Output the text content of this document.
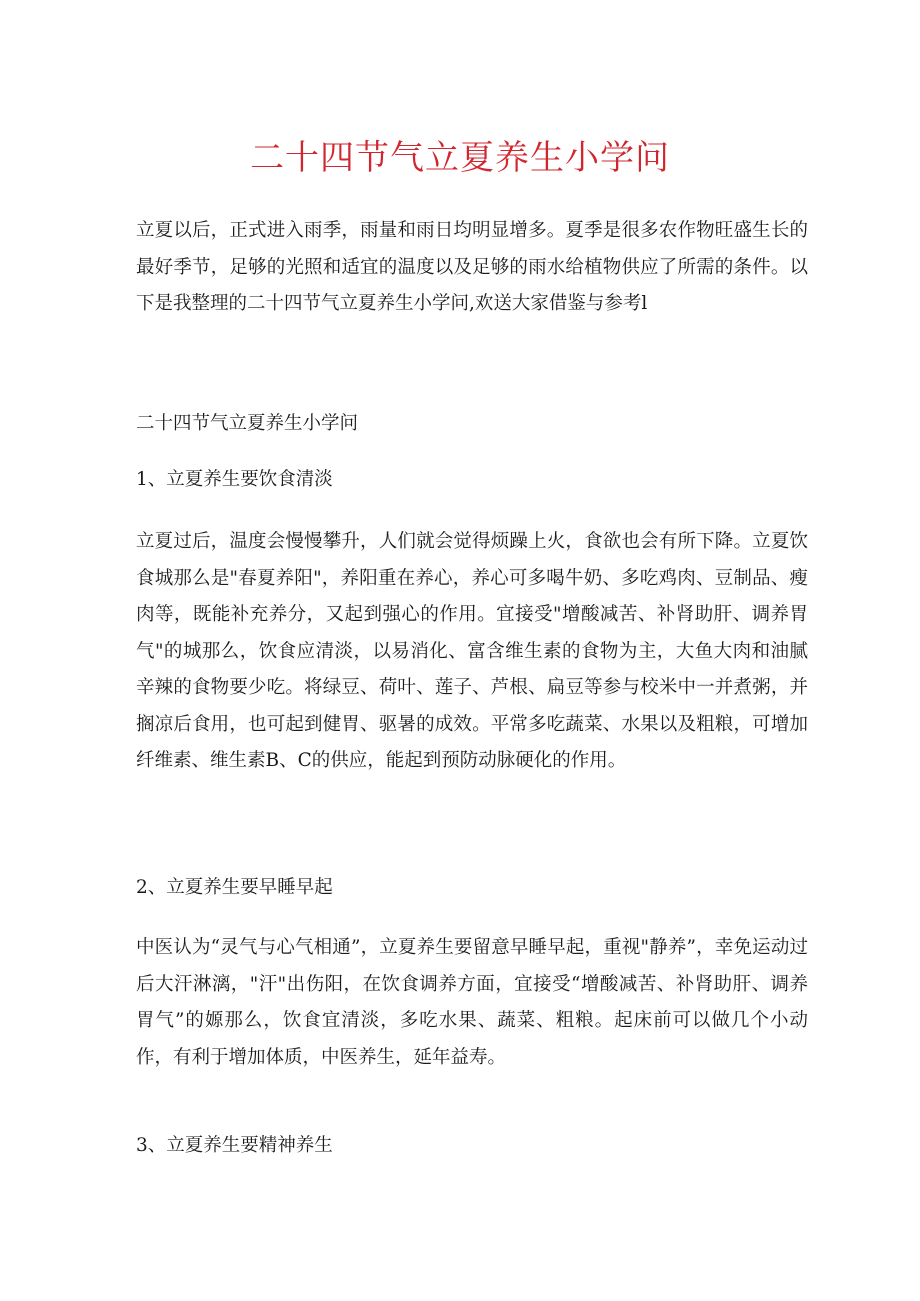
二十四节气立夏养生小学问

立夏以后，正式进入雨季，雨量和雨日均明显增多。夏季是很多农作物旺盛生长的最好季节，足够的光照和适宜的温度以及足够的雨水给植物供应了所需的条件。以下是我整理的二十四节气立夏养生小学问,欢送大家借鉴与参考l

二十四节气立夏养生小学问

1、立夏养生要饮食清淡

立夏过后，温度会慢慢攀升，人们就会觉得烦躁上火，食欲也会有所下降。立夏饮食城那么是"春夏养阳"，养阳重在养心，养心可多喝牛奶、多吃鸡肉、豆制品、瘦肉等，既能补充养分，又起到强心的作用。宜接受"增酸减苦、补肾助肝、调养胃气"的城那么，饮食应清淡，以易消化、富含维生素的食物为主，大鱼大肉和油腻辛辣的食物要少吃。将绿豆、荷叶、莲子、芦根、扁豆等参与校米中一并煮粥，并搁凉后食用，也可起到健胃、驱暑的成效。平常多吃蔬菜、水果以及粗粮，可增加纤维素、维生素B、C的供应，能起到预防动脉硬化的作用。

2、立夏养生要早睡早起

中医认为“灵气与心气相通”，立夏养生要留意早睡早起，重视"静养”，幸免运动过后大汗淋漓，"汗"出伤阳，在饮食调养方面，宜接受“增酸减苦、补肾助肝、调养胃气”的嫄那么，饮食宜清淡，多吃水果、蔬菜、粗粮。起床前可以做几个小动作，有利于增加体质，中医养生，延年益寿。

3、立夏养生要精神养生
